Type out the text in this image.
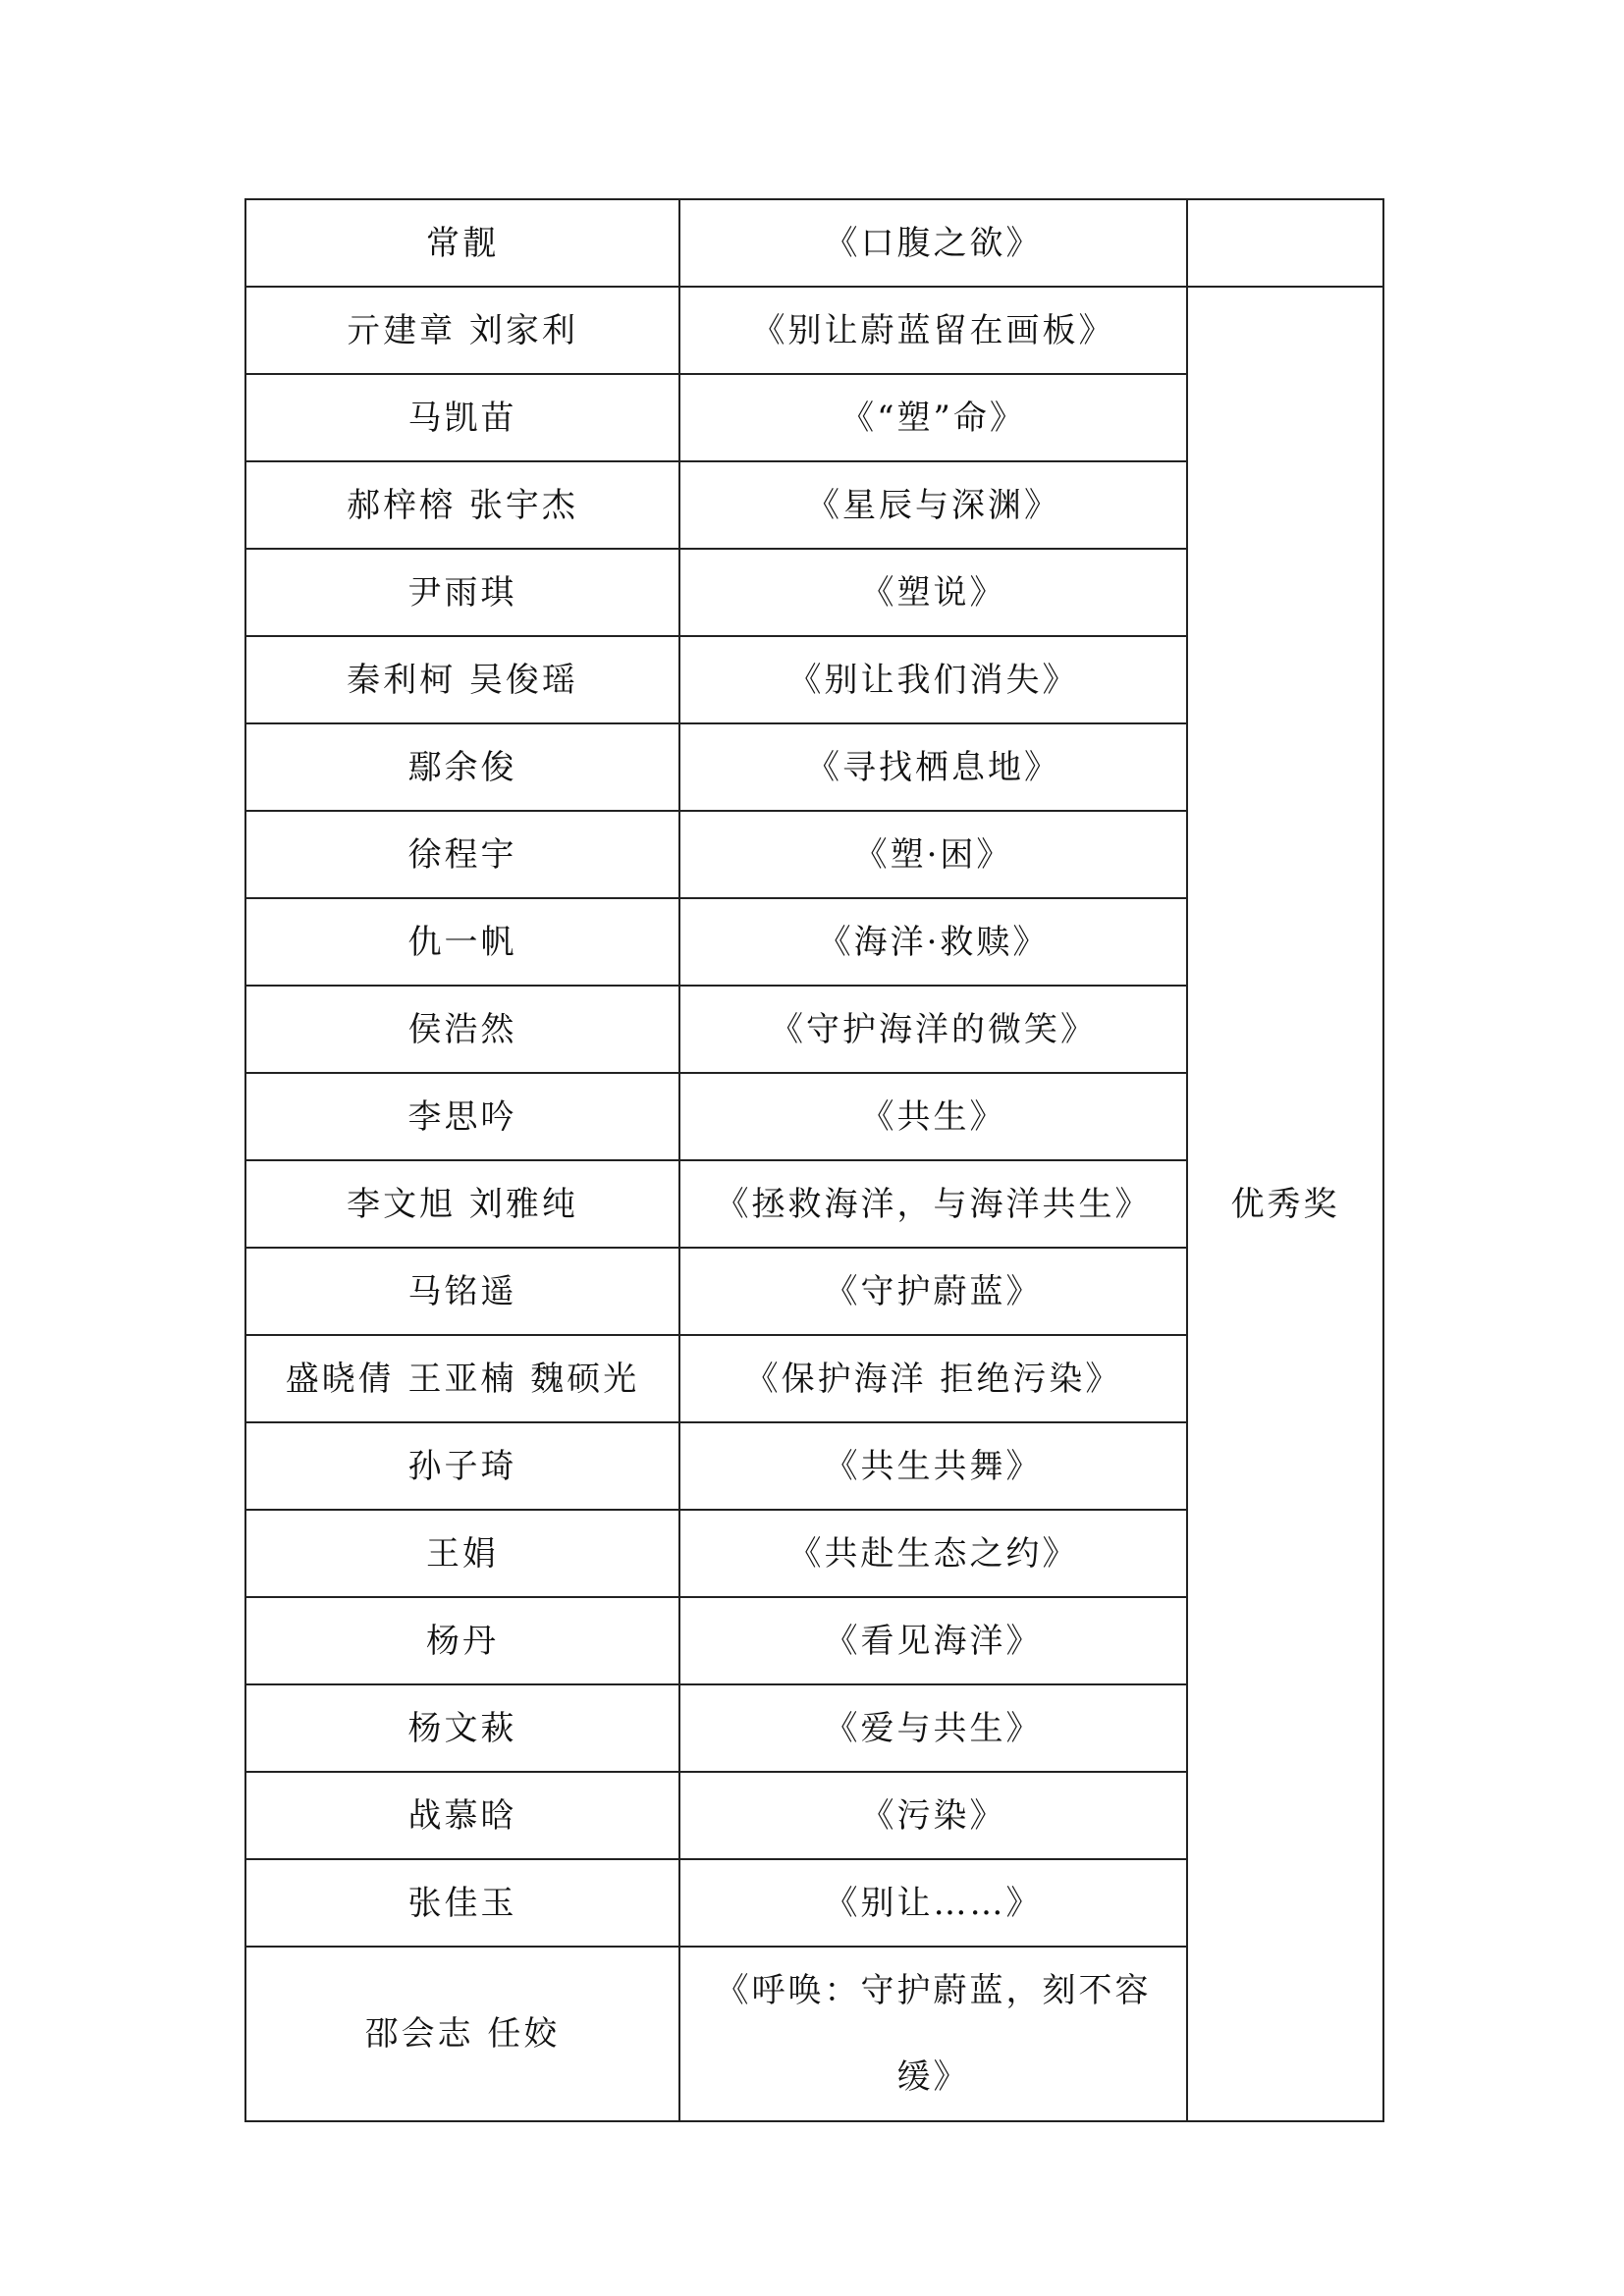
常靓	《口腹之欲》	
亓建章 刘家利	《别让蔚蓝留在画板》	优秀奖
马凯苗	《“塑”命》	
郝梓榕 张宇杰	《星辰与深渊》	
尹雨琪	《塑说》	
秦利柯 吴俊瑶	《别让我们消失》	
鄢余俊	《寻找栖息地》	
徐程宇	《塑·困》	
仇一帆	《海洋·救赎》	
侯浩然	《守护海洋的微笑》	
李思吟	《共生》	
李文旭 刘雅纯	《拯救海洋，与海洋共生》	
马铭遥	《守护蔚蓝》	
盛晓倩 王亚楠 魏硕光	《保护海洋 拒绝污染》	
孙子琦	《共生共舞》	
王娟	《共赴生态之约》	
杨丹	《看见海洋》	
杨文萩	《爱与共生》	
战慕晗	《污染》	
张佳玉	《别让……》	
邵会志 任姣	《呼唤：守护蔚蓝，刻不容缓》	
